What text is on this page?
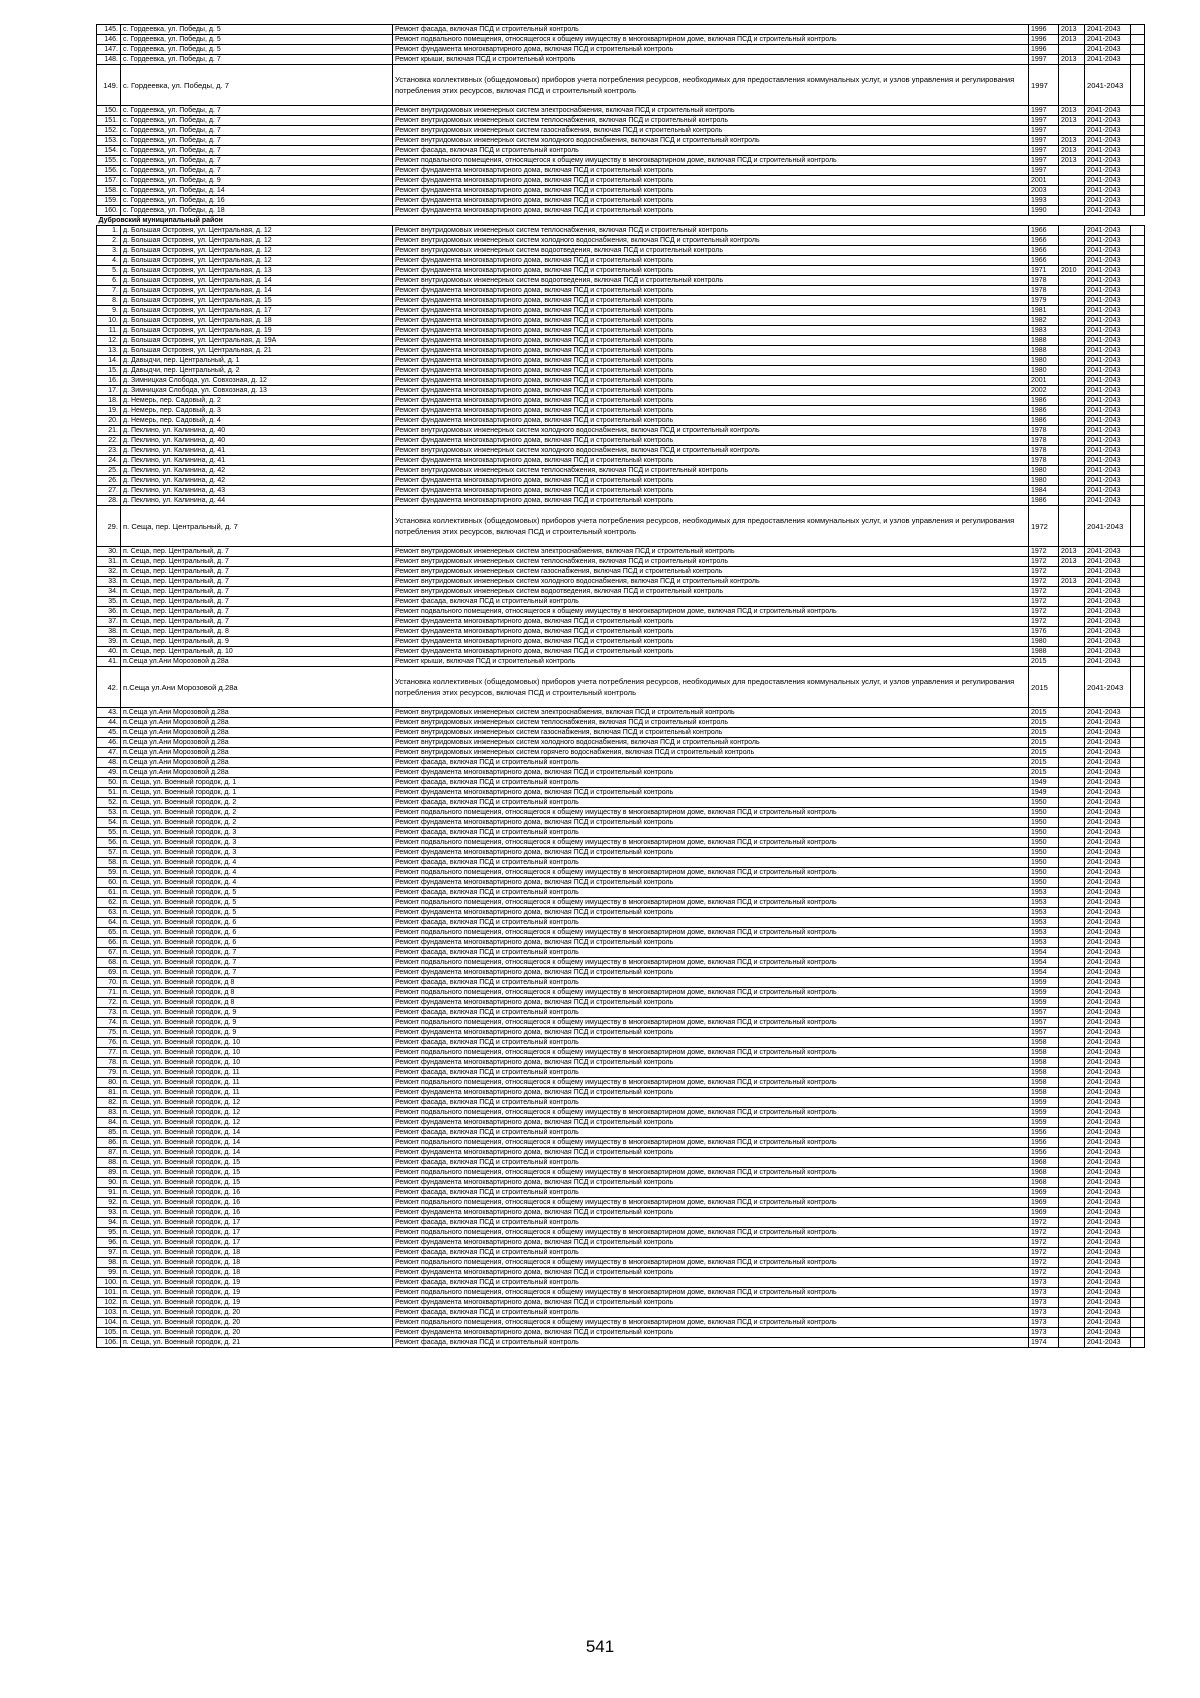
145.	с. Гордеевка, ул. Победы, д. 5	Ремонт фасада, включая ПСД и строительный контроль	1996	2013	2041-2043	
146.	с. Гордеевка, ул. Победы, д. 5	Ремонт подвального помещения, относящегося к общему имуществу в многоквартирном доме, включая ПСД и строительный контроль	1996	2013	2041-2043	
147.	с. Гордеевка, ул. Победы, д. 5	Ремонт фундамента многоквартирного дома, включая ПСД и строительный контроль	1996		2041-2043	
148.	с. Гордеевка, ул. Победы, д. 7	Ремонт крыши, включая ПСД и строительный контроль	1997	2013	2041-2043	
149.	с. Гордеевка, ул. Победы, д. 7	Установка коллективных (общедомовых) приборов учета потребления ресурсов, необходимых для предоставления коммунальных услуг, и узлов управления и регулирования потребления этих ресурсов, включая ПСД и строительный контроль	1997		2041-2043	
150.	с. Гордеевка, ул. Победы, д. 7	Ремонт внутридомовых инженерных систем электроснабжения, включая ПСД и строительный контроль	1997	2013	2041-2043	
151.	с. Гордеевка, ул. Победы, д. 7	Ремонт внутридомовых инженерных систем теплоснабжения, включая ПСД и строительный контроль	1997	2013	2041-2043	
152.	с. Гордеевка, ул. Победы, д. 7	Ремонт внутридомовых инженерных систем газоснабжения, включая ПСД и строительный контроль	1997		2041-2043	
153.	с. Гордеевка, ул. Победы, д. 7	Ремонт внутридомовых инженерных систем холодного водоснабжения, включая ПСД и строительный контроль	1997	2013	2041-2043	
154.	с. Гордеевка, ул. Победы, д. 7	Ремонт фасада, включая ПСД и строительный контроль	1997	2013	2041-2043	
155.	с. Гордеевка, ул. Победы, д. 7	Ремонт подвального помещения, относящегося к общему имуществу в многоквартирном доме, включая ПСД и строительный контроль	1997	2013	2041-2043	
156.	с. Гордеевка, ул. Победы, д. 7	Ремонт фундамента многоквартирного дома, включая ПСД и строительный контроль	1997		2041-2043	
157.	с. Гордеевка, ул. Победы, д. 9	Ремонт фундамента многоквартирного дома, включая ПСД и строительный контроль	2001		2041-2043	
158.	с. Гордеевка, ул. Победы, д. 14	Ремонт фундамента многоквартирного дома, включая ПСД и строительный контроль	2003		2041-2043	
159.	с. Гордеевка, ул. Победы, д. 16	Ремонт фундамента многоквартирного дома, включая ПСД и строительный контроль	1993		2041-2043	
160.	с. Гордеевка, ул. Победы, д. 18	Ремонт фундамента многоквартирного дома, включая ПСД и строительный контроль	1990		2041-2043	
Дубровский муниципальный район						
1.	д. Большая Островня, ул. Центральная, д. 12	Ремонт внутридомовых инженерных систем теплоснабжения, включая ПСД и строительный контроль	1966		2041-2043	
2.	д. Большая Островня, ул. Центральная, д. 12	Ремонт внутридомовых инженерных систем холодного водоснабжения, включая ПСД и строительный контроль	1966		2041-2043	
3.	д. Большая Островня, ул. Центральная, д. 12	Ремонт внутридомовых инженерных систем водоотведения, включая ПСД и строительный контроль	1966		2041-2043	
4.	д. Большая Островня, ул. Центральная, д. 12	Ремонт фундамента многоквартирного дома, включая ПСД и строительный контроль	1966		2041-2043	
5.	д. Большая Островня, ул. Центральная, д. 13	Ремонт фундамента многоквартирного дома, включая ПСД и строительный контроль	1971	2010	2041-2043	
6.	д. Большая Островня, ул. Центральная, д. 14	Ремонт внутридомовых инженерных систем водоотведения, включая ПСД и строительный контроль	1978		2041-2043	
7.	д. Большая Островня, ул. Центральная, д. 14	Ремонт фундамента многоквартирного дома, включая ПСД и строительный контроль	1978		2041-2043	
8.	д. Большая Островня, ул. Центральная, д. 15	Ремонт фундамента многоквартирного дома, включая ПСД и строительный контроль	1979		2041-2043	
9.	д. Большая Островня, ул. Центральная, д. 17	Ремонт фундамента многоквартирного дома, включая ПСД и строительный контроль	1981		2041-2043	
10.	д. Большая Островня, ул. Центральная, д. 18	Ремонт фундамента многоквартирного дома, включая ПСД и строительный контроль	1982		2041-2043	
11.	д. Большая Островня, ул. Центральная, д. 19	Ремонт фундамента многоквартирного дома, включая ПСД и строительный контроль	1983		2041-2043	
12.	д. Большая Островня, ул. Центральная, д. 19А	Ремонт фундамента многоквартирного дома, включая ПСД и строительный контроль	1988		2041-2043	
13.	д. Большая Островня, ул. Центральная, д. 21	Ремонт фундамента многоквартирного дома, включая ПСД и строительный контроль	1988		2041-2043	
14.	д. Давыдчи, пер. Центральный, д. 1	Ремонт фундамента многоквартирного дома, включая ПСД и строительный контроль	1980		2041-2043	
15.	д. Давыдчи, пер. Центральный, д. 2	Ремонт фундамента многоквартирного дома, включая ПСД и строительный контроль	1980		2041-2043	
16.	д. Зимницкая Слобода, ул. Совхозная, д. 12	Ремонт фундамента многоквартирного дома, включая ПСД и строительный контроль	2001		2041-2043	
17.	д. Зимницкая Слобода, ул. Совхозная, д. 13	Ремонт фундамента многоквартирного дома, включая ПСД и строительный контроль	2002		2041-2043	
18.	д. Немерь, пер. Садовый, д. 2	Ремонт фундамента многоквартирного дома, включая ПСД и строительный контроль	1986		2041-2043	
19.	д. Немерь, пер. Садовый, д. 3	Ремонт фундамента многоквартирного дома, включая ПСД и строительный контроль	1986		2041-2043	
20.	д. Немерь, пер. Садовый, д. 4	Ремонт фундамента многоквартирного дома, включая ПСД и строительный контроль	1986		2041-2043	
21.	д. Пеклино, ул. Калинина, д. 40	Ремонт внутридомовых инженерных систем холодного водоснабжения, включая ПСД и строительный контроль	1978		2041-2043	
22.	д. Пеклино, ул. Калинина, д. 40	Ремонт фундамента многоквартирного дома, включая ПСД и строительный контроль	1978		2041-2043	
23.	д. Пеклино, ул. Калинина, д. 41	Ремонт внутридомовых инженерных систем холодного водоснабжения, включая ПСД и строительный контроль	1978		2041-2043	
24.	д. Пеклино, ул. Калинина, д. 41	Ремонт фундамента многоквартирного дома, включая ПСД и строительный контроль	1978		2041-2043	
25.	д. Пеклино, ул. Калинина, д. 42	Ремонт внутридомовых инженерных систем теплоснабжения, включая ПСД и строительный контроль	1980		2041-2043	
26.	д. Пеклино, ул. Калинина, д. 42	Ремонт фундамента многоквартирного дома, включая ПСД и строительный контроль	1980		2041-2043	
27.	д. Пеклино, ул. Калинина, д. 43	Ремонт фундамента многоквартирного дома, включая ПСД и строительный контроль	1984		2041-2043	
28.	д. Пеклино, ул. Калинина, д. 44	Ремонт фундамента многоквартирного дома, включая ПСД и строительный контроль	1986		2041-2043	
29.	п. Сеща, пер. Центральный, д. 7	Установка коллективных (общедомовых) приборов учета потребления ресурсов, необходимых для предоставления коммунальных услуг, и узлов управления и регулирования потребления этих ресурсов, включая ПСД и строительный контроль	1972		2041-2043	
30.	п. Сеща, пер. Центральный, д. 7	Ремонт внутридомовых инженерных систем электроснабжения, включая ПСД и строительный контроль	1972	2013	2041-2043	
31.	п. Сеща, пер. Центральный, д. 7	Ремонт внутридомовых инженерных систем теплоснабжения, включая ПСД и строительный контроль	1972	2013	2041-2043	
32.	п. Сеща, пер. Центральный, д. 7	Ремонт внутридомовых инженерных систем газоснабжения, включая ПСД и строительный контроль	1972		2041-2043	
33.	п. Сеща, пер. Центральный, д. 7	Ремонт внутридомовых инженерных систем холодного водоснабжения, включая ПСД и строительный контроль	1972	2013	2041-2043	
34.	п. Сеща, пер. Центральный, д. 7	Ремонт внутридомовых инженерных систем водоотведения, включая ПСД и строительный контроль	1972		2041-2043	
35.	п. Сеща, пер. Центральный, д. 7	Ремонт фасада, включая ПСД и строительный контроль	1972		2041-2043	
36.	п. Сеща, пер. Центральный, д. 7	Ремонт подвального помещения, относящегося к общему имуществу в многоквартирном доме, включая ПСД и строительный контроль	1972		2041-2043	
37.	п. Сеща, пер. Центральный, д. 7	Ремонт фундамента многоквартирного дома, включая ПСД и строительный контроль	1972		2041-2043	
38.	п. Сеща, пер. Центральный, д. 8	Ремонт фундамента многоквартирного дома, включая ПСД и строительный контроль	1976		2041-2043	
39.	п. Сеща, пер. Центральный, д. 9	Ремонт фундамента многоквартирного дома, включая ПСД и строительный контроль	1980		2041-2043	
40.	п. Сеща, пер. Центральный, д. 10	Ремонт фундамента многоквартирного дома, включая ПСД и строительный контроль	1988		2041-2043	
41.	п.Сеща ул.Ани Морозовой д.28а	Ремонт крыши, включая ПСД и строительный контроль	2015		2041-2043	
42.	п.Сеща ул.Ани Морозовой д.28а	Установка коллективных (общедомовых) приборов учета потребления ресурсов, необходимых для предоставления коммунальных услуг, и узлов управления и регулирования потребления этих ресурсов, включая ПСД и строительный контроль	2015		2041-2043	
43.	п.Сеща ул.Ани Морозовой д.28а	Ремонт внутридомовых инженерных систем электроснабжения, включая ПСД и строительный контроль	2015		2041-2043	
44.	п.Сеща ул.Ани Морозовой д.28а	Ремонт внутридомовых инженерных систем теплоснабжения, включая ПСД и строительный контроль	2015		2041-2043	
45.	п.Сеща ул.Ани Морозовой д.28а	Ремонт внутридомовых инженерных систем газоснабжения, включая ПСД и строительный контроль	2015		2041-2043	
46.	п.Сеща ул.Ани Морозовой д.28а	Ремонт внутридомовых инженерных систем холодного водоснабжения, включая ПСД и строительный контроль	2015		2041-2043	
47.	п.Сеща ул.Ани Морозовой д.28а	Ремонт внутридомовых инженерных систем горячего водоснабжения, включая ПСД и строительный контроль	2015		2041-2043	
48.	п.Сеща ул.Ани Морозовой д.28а	Ремонт фасада, включая ПСД и строительный контроль	2015		2041-2043	
49.	п.Сеща ул.Ани Морозовой д.28а	Ремонт фундамента многоквартирного дома, включая ПСД и строительный контроль	2015		2041-2043	
50.	п. Сеща, ул. Военный городок, д. 1	Ремонт фасада, включая ПСД и строительный контроль	1949		2041-2043	
51.	п. Сеща, ул. Военный городок, д. 1	Ремонт фундамента многоквартирного дома, включая ПСД и строительный контроль	1949		2041-2043	
52.	п. Сеща, ул. Военный городок, д. 2	Ремонт фасада, включая ПСД и строительный контроль	1950		2041-2043	
53.	п. Сеща, ул. Военный городок, д. 2	Ремонт подвального помещения, относящегося к общему имуществу в многоквартирном доме, включая ПСД и строительный контроль	1950		2041-2043	
54.	п. Сеща, ул. Военный городок, д. 2	Ремонт фундамента многоквартирного дома, включая ПСД и строительный контроль	1950		2041-2043	
55.	п. Сеща, ул. Военный городок, д. 3	Ремонт фасада, включая ПСД и строительный контроль	1950		2041-2043	
56.	п. Сеща, ул. Военный городок, д. 3	Ремонт подвального помещения, относящегося к общему имуществу в многоквартирном доме, включая ПСД и строительный контроль	1950		2041-2043	
57.	п. Сеща, ул. Военный городок, д. 3	Ремонт фундамента многоквартирного дома, включая ПСД и строительный контроль	1950		2041-2043	
58.	п. Сеща, ул. Военный городок, д. 4	Ремонт фасада, включая ПСД и строительный контроль	1950		2041-2043	
59.	п. Сеща, ул. Военный городок, д. 4	Ремонт подвального помещения, относящегося к общему имуществу в многоквартирном доме, включая ПСД и строительный контроль	1950		2041-2043	
60.	п. Сеща, ул. Военный городок, д. 4	Ремонт фундамента многоквартирного дома, включая ПСД и строительный контроль	1950		2041-2043	
61.	п. Сеща, ул. Военный городок, д. 5	Ремонт фасада, включая ПСД и строительный контроль	1953		2041-2043	
62.	п. Сеща, ул. Военный городок, д. 5	Ремонт подвального помещения, относящегося к общему имуществу в многоквартирном доме, включая ПСД и строительный контроль	1953		2041-2043	
63.	п. Сеща, ул. Военный городок, д. 5	Ремонт фундамента многоквартирного дома, включая ПСД и строительный контроль	1953		2041-2043	
64.	п. Сеща, ул. Военный городок, д. 6	Ремонт фасада, включая ПСД и строительный контроль	1953		2041-2043	
65.	п. Сеща, ул. Военный городок, д. 6	Ремонт подвального помещения, относящегося к общему имуществу в многоквартирном доме, включая ПСД и строительный контроль	1953		2041-2043	
66.	п. Сеща, ул. Военный городок, д. 6	Ремонт фундамента многоквартирного дома, включая ПСД и строительный контроль	1953		2041-2043	
67.	п. Сеща, ул. Военный городок, д. 7	Ремонт фасада, включая ПСД и строительный контроль	1954		2041-2043	
68.	п. Сеща, ул. Военный городок, д. 7	Ремонт подвального помещения, относящегося к общему имуществу в многоквартирном доме, включая ПСД и строительный контроль	1954		2041-2043	
69.	п. Сеща, ул. Военный городок, д. 7	Ремонт фундамента многоквартирного дома, включая ПСД и строительный контроль	1954		2041-2043	
70.	п. Сеща, ул. Военный городок, д 8	Ремонт фасада, включая ПСД и строительный контроль	1959		2041-2043	
71.	п. Сеща, ул. Военный городок, д 8	Ремонт подвального помещения, относящегося к общему имуществу в многоквартирном доме, включая ПСД и строительный контроль	1959		2041-2043	
72.	п. Сеща, ул. Военный городок, д 8	Ремонт фундамента многоквартирного дома, включая ПСД и строительный контроль	1959		2041-2043	
73.	п. Сеща, ул. Военный городок, д. 9	Ремонт фасада, включая ПСД и строительный контроль	1957		2041-2043	
74.	п. Сеща, ул. Военный городок, д. 9	Ремонт подвального помещения, относящегося к общему имуществу в многоквартирном доме, включая ПСД и строительный контроль	1957		2041-2043	
75.	п. Сеща, ул. Военный городок, д. 9	Ремонт фундамента многоквартирного дома, включая ПСД и строительный контроль	1957		2041-2043	
76.	п. Сеща, ул. Военный городок, д. 10	Ремонт фасада, включая ПСД и строительный контроль	1958		2041-2043	
77.	п. Сеща, ул. Военный городок, д. 10	Ремонт подвального помещения, относящегося к общему имуществу в многоквартирном доме, включая ПСД и строительный контроль	1958		2041-2043	
78.	п. Сеща, ул. Военный городок, д. 10	Ремонт фундамента многоквартирного дома, включая ПСД и строительный контроль	1958		2041-2043	
79.	п. Сеща, ул. Военный городок, д. 11	Ремонт фасада, включая ПСД и строительный контроль	1958		2041-2043	
80.	п. Сеща, ул. Военный городок, д. 11	Ремонт подвального помещения, относящегося к общему имуществу в многоквартирном доме, включая ПСД и строительный контроль	1958		2041-2043	
81.	п. Сеща, ул. Военный городок, д. 11	Ремонт фундамента многоквартирного дома, включая ПСД и строительный контроль	1958		2041-2043	
82.	п. Сеща, ул. Военный городок, д. 12	Ремонт фасада, включая ПСД и строительный контроль	1959		2041-2043	
83.	п. Сеща, ул. Военный городок, д. 12	Ремонт подвального помещения, относящегося к общему имуществу в многоквартирном доме, включая ПСД и строительный контроль	1959		2041-2043	
84.	п. Сеща, ул. Военный городок, д. 12	Ремонт фундамента многоквартирного дома, включая ПСД и строительный контроль	1959		2041-2043	
85.	п. Сеща, ул. Военный городок, д. 14	Ремонт фасада, включая ПСД и строительный контроль	1956		2041-2043	
86.	п. Сеща, ул. Военный городок, д. 14	Ремонт подвального помещения, относящегося к общему имуществу в многоквартирном доме, включая ПСД и строительный контроль	1956		2041-2043	
87.	п. Сеща, ул. Военный городок, д. 14	Ремонт фундамента многоквартирного дома, включая ПСД и строительный контроль	1956		2041-2043	
88.	п. Сеща, ул. Военный городок, д. 15	Ремонт фасада, включая ПСД и строительный контроль	1968		2041-2043	
89.	п. Сеща, ул. Военный городок, д. 15	Ремонт подвального помещения, относящегося к общему имуществу в многоквартирном доме, включая ПСД и строительный контроль	1968		2041-2043	
90.	п. Сеща, ул. Военный городок, д. 15	Ремонт фундамента многоквартирного дома, включая ПСД и строительный контроль	1968		2041-2043	
91.	п. Сеща, ул. Военный городок, д. 16	Ремонт фасада, включая ПСД и строительный контроль	1969		2041-2043	
92.	п. Сеща, ул. Военный городок, д. 16	Ремонт подвального помещения, относящегося к общему имуществу в многоквартирном доме, включая ПСД и строительный контроль	1969		2041-2043	
93.	п. Сеща, ул. Военный городок, д. 16	Ремонт фундамента многоквартирного дома, включая ПСД и строительный контроль	1969		2041-2043	
94.	п. Сеща, ул. Военный городок, д. 17	Ремонт фасада, включая ПСД и строительный контроль	1972		2041-2043	
95.	п. Сеща, ул. Военный городок, д. 17	Ремонт подвального помещения, относящегося к общему имуществу в многоквартирном доме, включая ПСД и строительный контроль	1972		2041-2043	
96.	п. Сеща, ул. Военный городок, д. 17	Ремонт фундамента многоквартирного дома, включая ПСД и строительный контроль	1972		2041-2043	
97.	п. Сеща, ул. Военный городок, д. 18	Ремонт фасада, включая ПСД и строительный контроль	1972		2041-2043	
98.	п. Сеща, ул. Военный городок, д. 18	Ремонт подвального помещения, относящегося к общему имуществу в многоквартирном доме, включая ПСД и строительный контроль	1972		2041-2043	
99.	п. Сеща, ул. Военный городок, д. 18	Ремонт фундамента многоквартирного дома, включая ПСД и строительный контроль	1972		2041-2043	
100.	п. Сеща, ул. Военный городок, д. 19	Ремонт фасада, включая ПСД и строительный контроль	1973		2041-2043	
101.	п. Сеща, ул. Военный городок, д. 19	Ремонт подвального помещения, относящегося к общему имуществу в многоквартирном доме, включая ПСД и строительный контроль	1973		2041-2043	
102.	п. Сеща, ул. Военный городок, д. 19	Ремонт фундамента многоквартирного дома, включая ПСД и строительный контроль	1973		2041-2043	
103.	п. Сеща, ул. Военный городок, д. 20	Ремонт фасада, включая ПСД и строительный контроль	1973		2041-2043	
104.	п. Сеща, ул. Военный городок, д. 20	Ремонт подвального помещения, относящегося к общему имуществу в многоквартирном доме, включая ПСД и строительный контроль	1973		2041-2043	
105.	п. Сеща, ул. Военный городок, д. 20	Ремонт фундамента многоквартирного дома, включая ПСД и строительный контроль	1973		2041-2043	
106.	п. Сеща, ул. Военный городок, д. 21	Ремонт фасада, включая ПСД и строительный контроль	1974		2041-2043	
541
